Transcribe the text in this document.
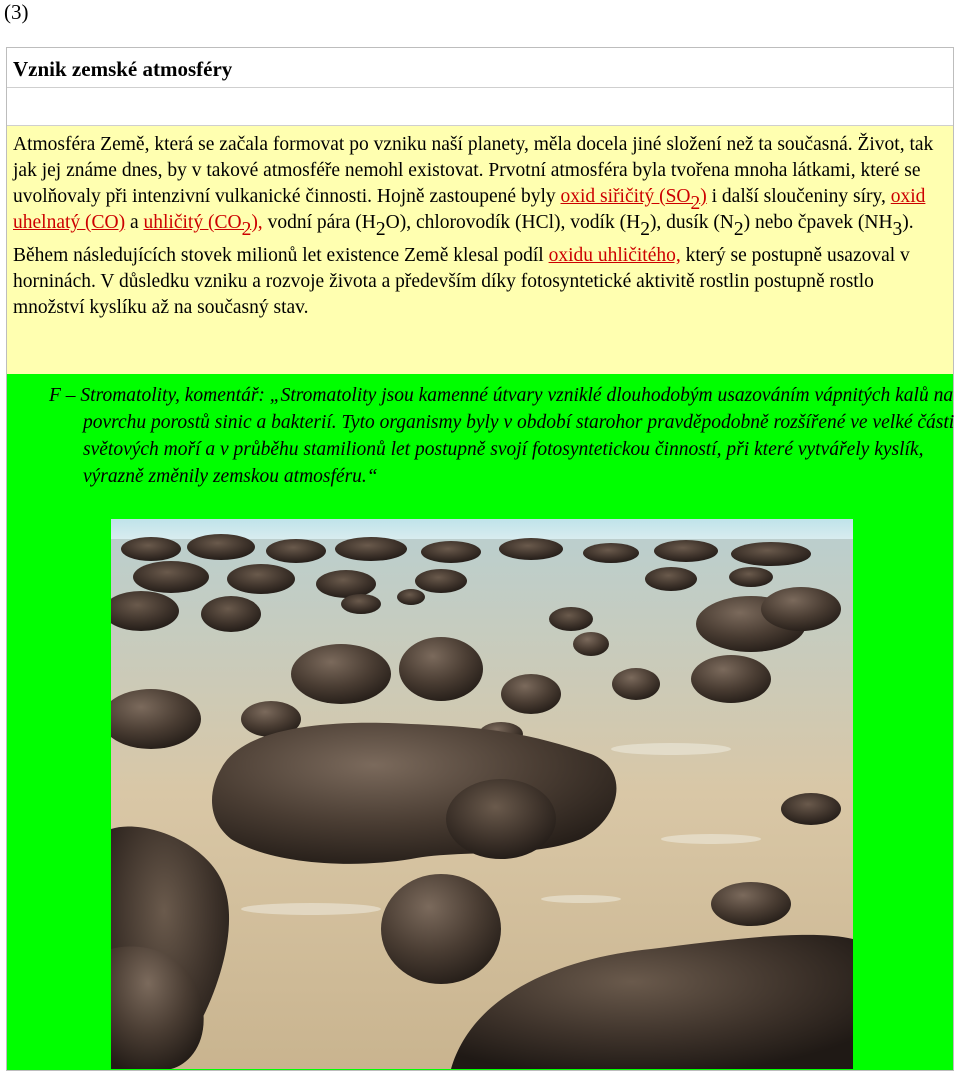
(3)
Vznik zemské atmosféry

Atmosféra Země, která se začala formovat po vzniku naší planety, měla docela jiné složení než ta současná. Život, tak jak jej známe dnes, by v takové atmosféře nemohl existovat. Prvotní atmosféra byla tvořena mnoha látkami, které se uvolňovaly při intenzivní vulkanické činnosti. Hojně zastoupené byly oxid siřičitý $(SO_2)$ i další sloučeniny síry, oxid uhelnatý (CO) a uhličitý $(CO_2)$, vodní pára $(H_2O)$, chlorovodík (HCl), vodík $(H_2)$, dusík $(N_2)$ nebo čpavek $(NH_3)$.

Během následujících stovek milionů let existence Země klesal podíl oxidu uhličitého, který se postupně usazoval v horninách. V důsledku vzniku a rozvoje života a především díky fotosyntetické aktivitě rostlin postupně rostlo množství kyslíku až na současný stav.

F – Stromatolity, komentář: „Stromatolity jsou kamenné útvary vzniklé dlouhodobým usazováním vápnitých kalů na povrchu porostů sinic a bakterií. Tyto organismy byly v období starohor pravděpodobně rozšířené ve velké části světových moří a v průběhu stamilionů let postupně svojí fotosyntetickou činností, při které vytvářely kyslík, výrazně změnily zemskou atmosféru.“
